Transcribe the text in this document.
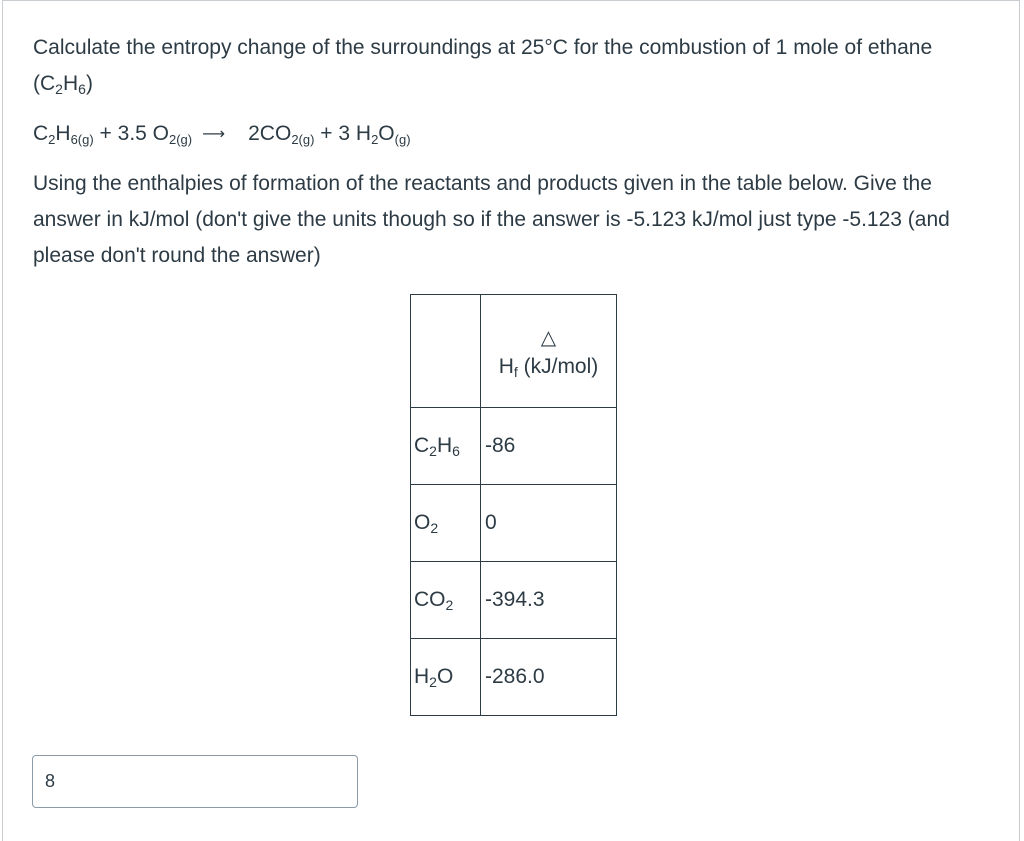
Calculate the entropy change of the surroundings at 25°C for the combustion of 1 mole of ethane $(C_2H_6)$

$C_2H_{6(g)} + 3.5$ $O_{2(g)}$ ⟶ $2CO_{2(g)} + 3$ $H_2O_{(g)}$

Using the enthalpies of formation of the reactants and products given in the table below. Give the answer in kJ/mol (don't give the units though so if the answer is -5.123 kJ/mol just type -5.123 (and please don't round the answer)

	△
$H_f$ (kJ/mol)

$C_2H_6$	-86
$O_2$	0
$CO_2$	-394.3
$H_2O$	-286.0
8
